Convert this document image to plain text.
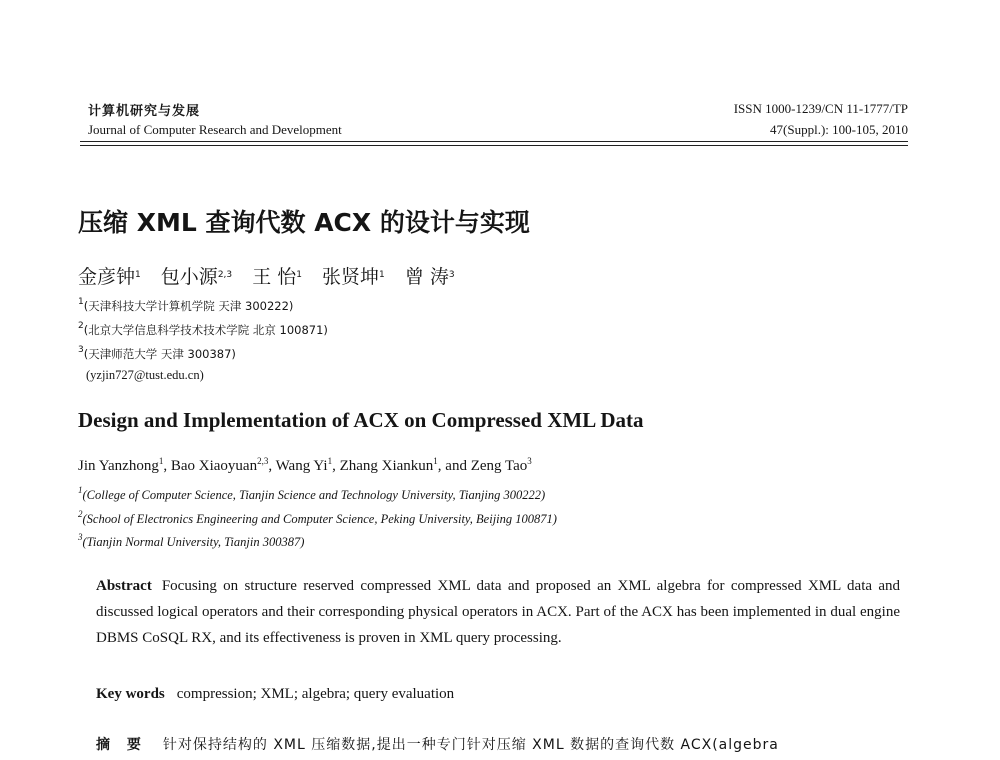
计算机研究与发展
Journal of Computer Research and Development
ISSN 1000-1239/CN 11-1777/TP
47(Suppl.): 100-105, 2010
压缩 XML 查询代数 ACX 的设计与实现
金彦钟$^1$ 包小源$^{2,3}$ 王 怡$^1$ 张贤坤$^1$ 曾 涛$^3$
$^1$(天津科技大学计算机学院 天津 300222)
$^2$(北京大学信息科学技术技术学院 北京 100871)
$^3$(天津师范大学 天津 300387)
(yzjin727@tust.edu.cn)
Design and Implementation of ACX on Compressed XML Data
Jin Yanzhong$^1$, Bao Xiaoyuan$^{2,3}$, Wang Yi$^1$, Zhang Xiankun$^1$, and Zeng Tao$^3$
$^1$(College of Computer Science, Tianjin Science and Technology University, Tianjing 300222)
$^2$(School of Electronics Engineering and Computer Science, Peking University, Beijing 100871)
$^3$(Tianjin Normal University, Tianjin 300387)
Abstract Focusing on structure reserved compressed XML data and proposed an XML algebra for compressed XML data and discussed logical operators and their corresponding physical operators in ACX. Part of the ACX has been implemented in dual engine DBMS CoSQL RX, and its effectiveness is proven in XML query processing.
Key words compression; XML; algebra; query evaluation
摘 要 针对保持结构的 XML 压缩数据,提出一种专门针对压缩 XML 数据的查询代数 ACX(algebra
